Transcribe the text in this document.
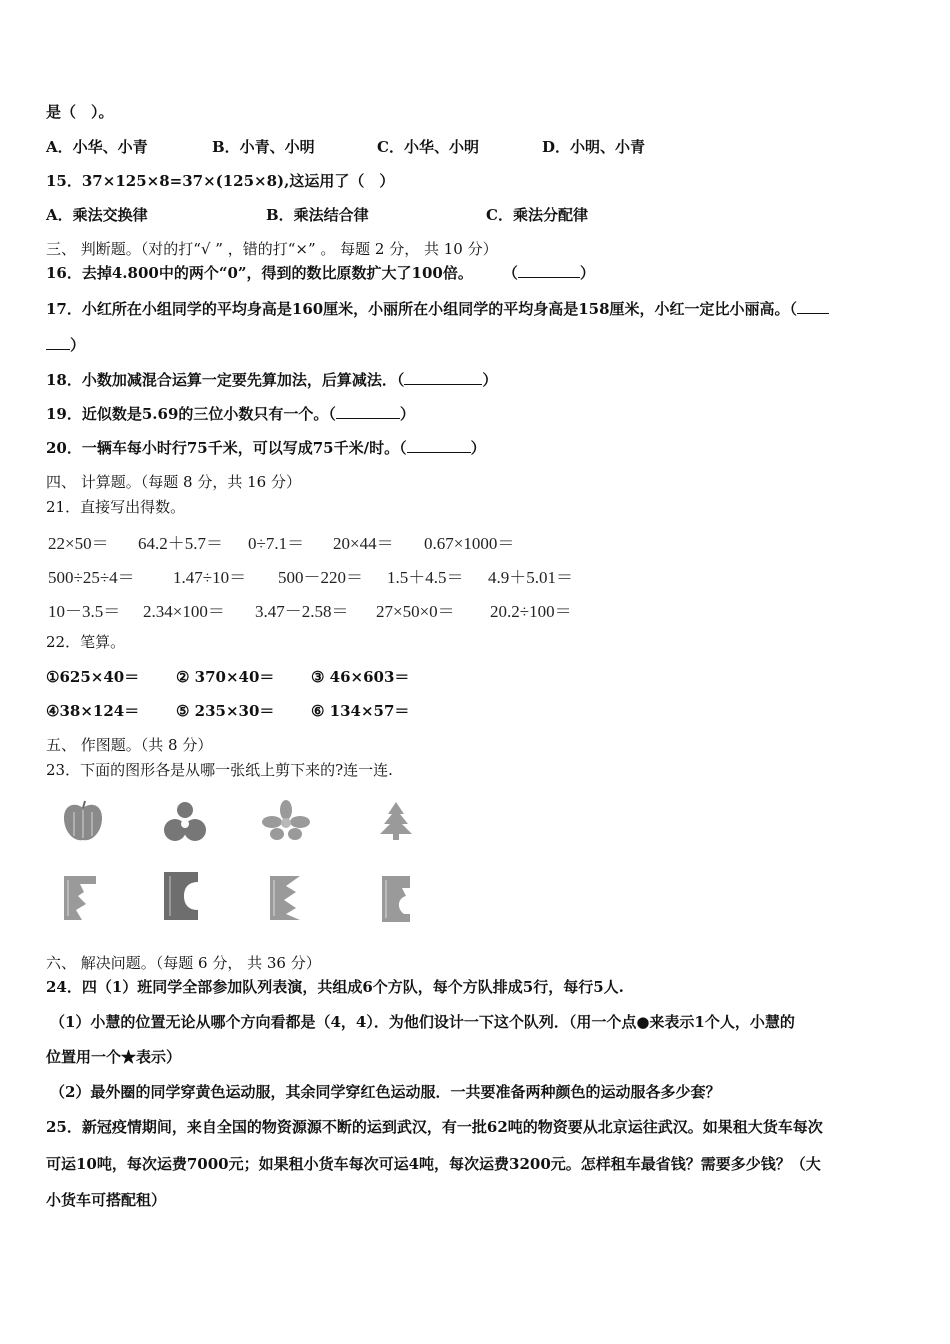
是（　）。
A．小华、小青	B．小青、小明	C．小华、小明	D．小明、小青
15．37×125×8=37×(125×8),这运用了（　）
A．乘法交换律	B．乘法结合律	C．乘法分配律
三、 判断题。（对的打“√ ” ，错的打“×” 。 每题 2 分， 共 10 分）
16．去掉4.800中的两个“0”，得到的数比原数扩大了100倍。 （	）
17．小红所在小组同学的平均身高是160厘米，小丽所在小组同学的平均身高是158厘米，小红一定比小丽高。（
）
18．小数加减混合运算一定要先算加法，后算减法．（	）
19．近似数是5.69的三位小数只有一个。（	）
20．一辆车每小时行75千米，可以写成75千米/时。（	）
四、 计算题。（每题 8 分，共 16 分）
21．直接写出得数。
22×50＝ 64.2＋5.7＝ 0÷7.1＝ 20×44＝ 0.67×1000＝
500÷25÷4＝ 1.47÷10＝ 500－220＝ 1.5＋4.5＝ 4.9＋5.01＝
10－3.5＝ 2.34×100＝ 3.47－2.58＝ 27×50×0＝ 20.2÷100＝
22．笔算。
①625×40＝ ② 370×40＝ ③ 46×603＝
④38×124＝ ⑤ 235×30＝ ⑥ 134×57＝
五、 作图题。（共 8 分）
23．下面的图形各是从哪一张纸上剪下来的?连一连.
六、 解决问题。（每题 6 分， 共 36 分）
24．四（1）班同学全部参加队列表演，共组成6个方队，每个方队排成5行，每行5人.
（1）小慧的位置无论从哪个方向看都是（4，4）．为他们设计一下这个队列．（用一个点●来表示1个人，小慧的
位置用一个★表示）
（2）最外圈的同学穿黄色运动服，其余同学穿红色运动服．一共要准备两种颜色的运动服各多少套？
25．新冠疫情期间，来自全国的物资源源不断的运到武汉，有一批62吨的物资要从北京运往武汉。如果租大货车每次
可运10吨，每次运费7000元；如果租小货车每次可运4吨，每次运费3200元。怎样租车最省钱？需要多少钱？（大
小货车可搭配租）
